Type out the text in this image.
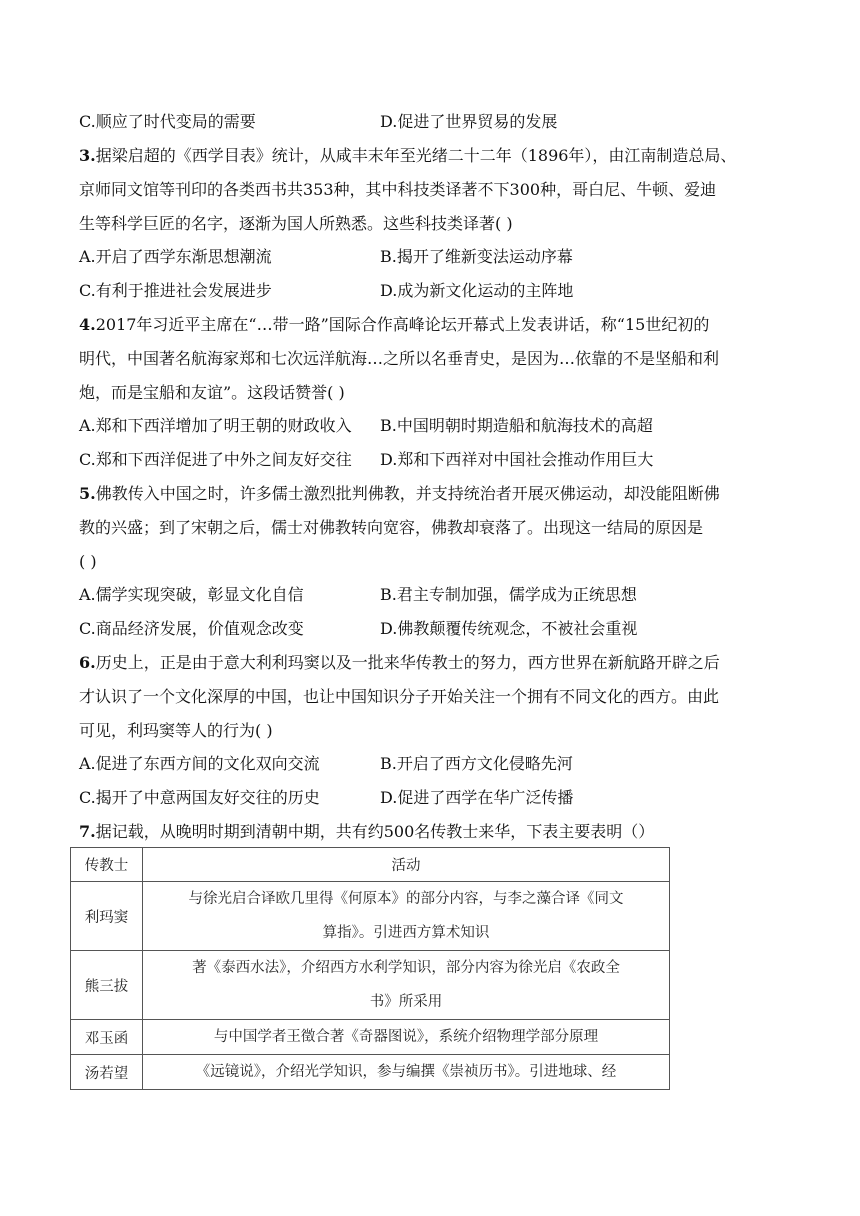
C.顺应了时代变局的需要	D.促进了世界贸易的发展
3.据梁启超的《西学目表》统计，从咸丰末年至光绪二十二年（1896年），由江南制造总局、
京师同文馆等刊印的各类西书共353种，其中科技类译著不下300种，哥白尼、牛顿、爱迪
生等科学巨匠的名字，逐渐为国人所熟悉。这些科技类译著( )
A.开启了西学东渐思想潮流	B.揭开了维新变法运动序幕
C.有利于推进社会发展进步	D.成为新文化运动的主阵地
4.2017年习近平主席在“…带一路”国际合作高峰论坛开幕式上发表讲话，称“15世纪初的
明代，中国著名航海家郑和七次远洋航海…之所以名垂青史，是因为…依靠的不是坚船和利
炮，而是宝船和友谊”。这段话赞誉( )
A.郑和下西洋增加了明王朝的财政收入 B.中国明朝时期造船和航海技术的高超
C.郑和下西洋促进了中外之间友好交往 D.郑和下西祥对中国社会推动作用巨大
5.佛教传入中国之时，许多儒士激烈批判佛教，并支持统治者开展灭佛运动，却没能阻断佛
教的兴盛；到了宋朝之后，儒士对佛教转向宽容，佛教却衰落了。出现这一结局的原因是
( )
A.儒学实现突破，彰显文化自信	B.君主专制加强，儒学成为正统思想
C.商品经济发展，价值观念改变	D.佛教颠覆传统观念，不被社会重视
6.历史上，正是由于意大利利玛窦以及一批来华传教士的努力，西方世界在新航路开辟之后
才认识了一个文化深厚的中国，也让中国知识分子开始关注一个拥有不同文化的西方。由此
可见，利玛窦等人的行为( )
A.促进了东西方间的文化双向交流	B.开启了西方文化侵略先河
C.揭开了中意两国友好交往的历史	D.促进了西学在华广泛传播
7.据记载，从晚明时期到清朝中期，共有约500名传教士来华，下表主要表明（）
传教士	活动
利玛窦	与徐光启合译欧几里得《何原本》的部分内容，与李之藻合译《同文
算指》。引进西方算术知识

熊三拔	著《泰西水法》，介绍西方水利学知识，部分内容为徐光启《农政全
书》所采用

邓玉函	与中国学者王徵合著《奇器图说》，系统介绍物理学部分原理

汤若望	《远镜说》，介绍光学知识，参与编撰《崇祯历书》。引进地球、经
